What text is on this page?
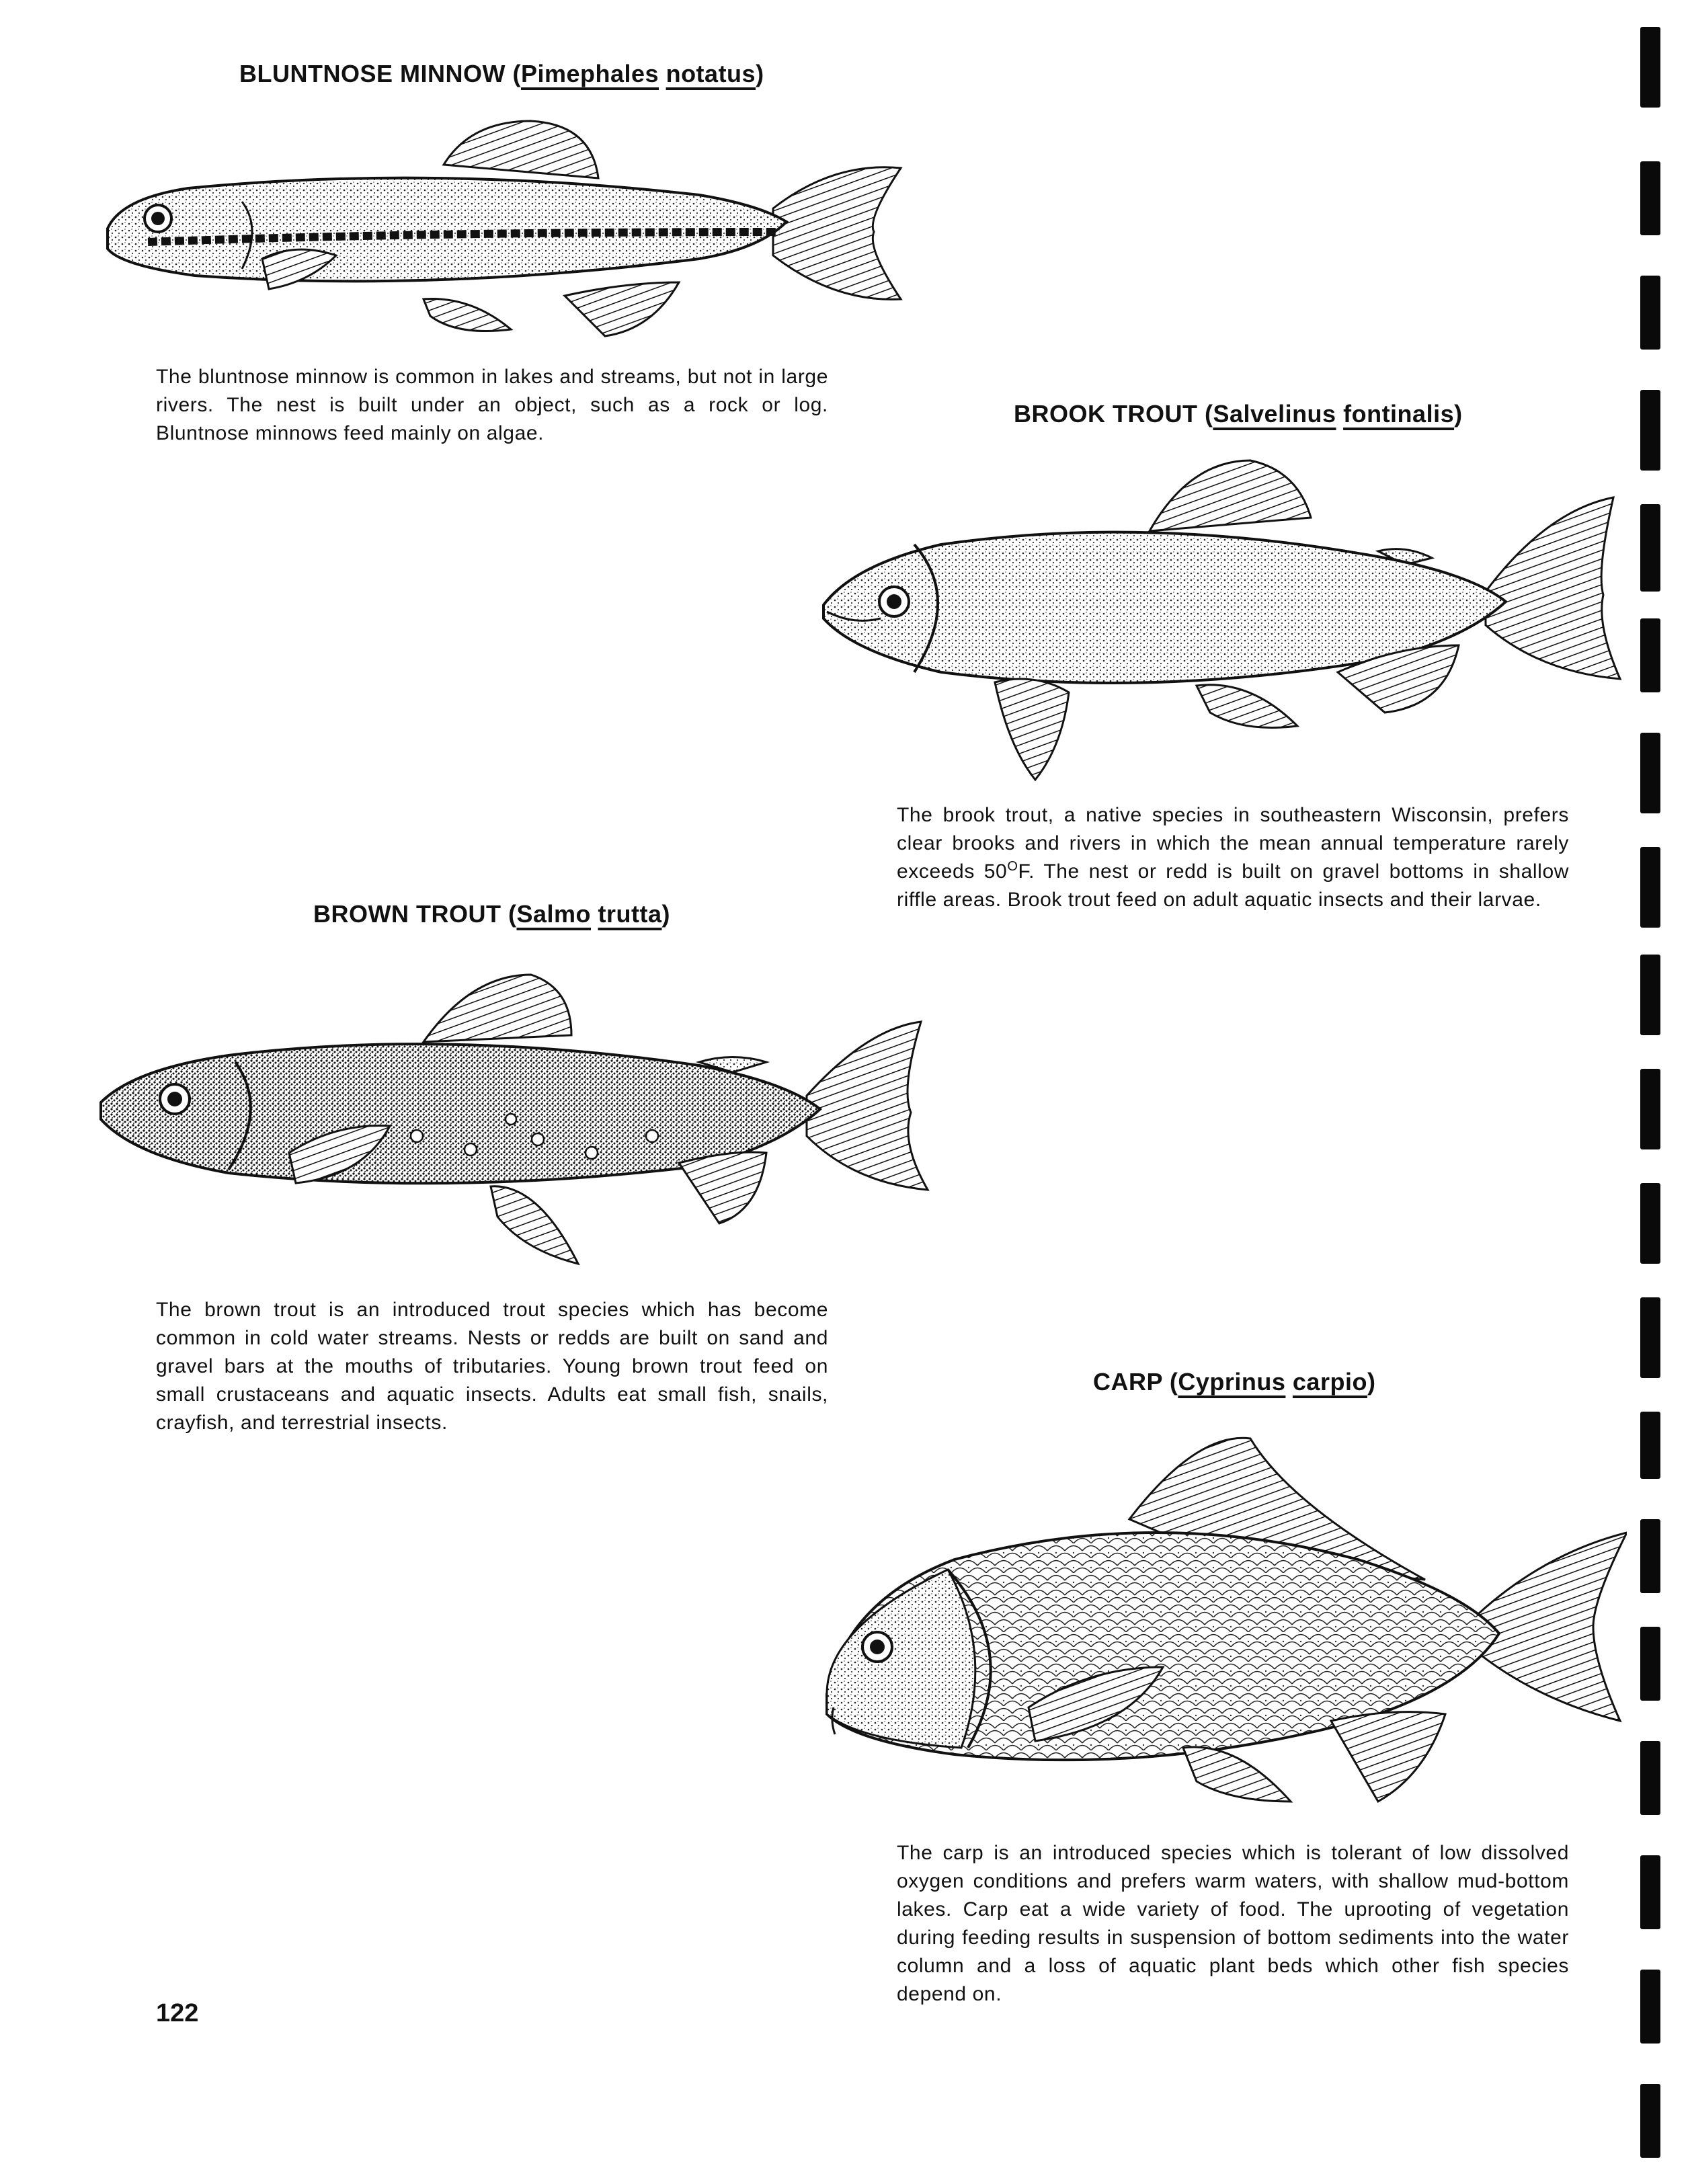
BLUNTNOSE MINNOW (Pimephales notatus)
The bluntnose minnow is common in lakes and streams, but not in large rivers. The nest is built under an object, such as a rock or log. Bluntnose minnows feed mainly on algae.
BROOK TROUT (Salvelinus fontinalis)
The brook trout, a native species in southeastern Wisconsin, prefers clear brooks and rivers in which the mean annual temperature rarely exceeds $50^OF$. The nest or redd is built on gravel bottoms in shallow riffle areas. Brook trout feed on adult aquatic insects and their larvae.
BROWN TROUT (Salmo trutta)
The brown trout is an introduced trout species which has become common in cold water streams. Nests or redds are built on sand and gravel bars at the mouths of tributaries. Young brown trout feed on small crustaceans and aquatic insects. Adults eat small fish, snails, crayfish, and terrestrial insects.
CARP (Cyprinus carpio)
The carp is an introduced species which is tolerant of low dissolved oxygen conditions and prefers warm waters, with shallow mud-bottom lakes. Carp eat a wide variety of food. The uprooting of vegetation during feeding results in suspension of bottom sediments into the water column and a loss of aquatic plant beds which other fish species depend on.
122
